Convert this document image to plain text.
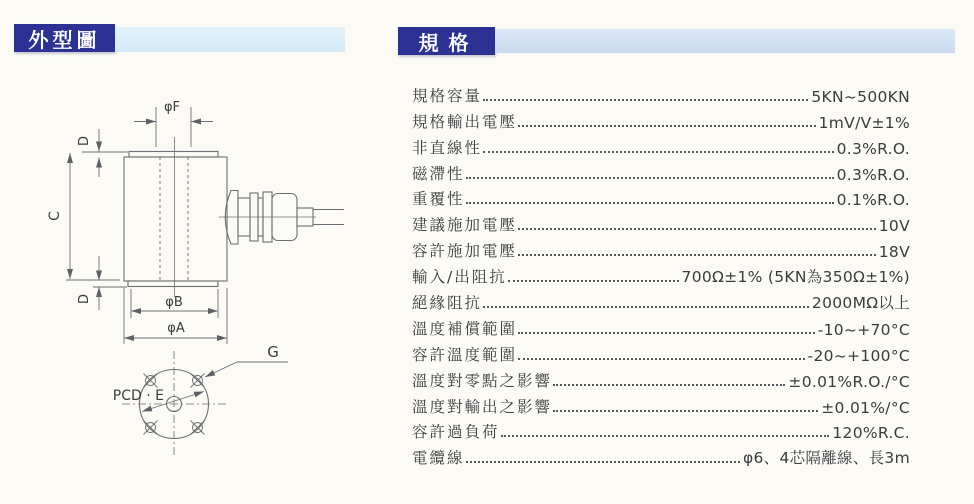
外型圖	規格
φF
D
C
D	φB
φA
G
PCD · E
規格容量	5KN~500KN
規格輸出電壓	1mV/V±1%
非直線性	0.3%R.O.
磁滯性	0.3%R.O.
重覆性	0.1%R.O.
建議施加電壓	10V
容許施加電壓	18V
輸入/出阻抗	700Ω±1% (5KN為350Ω±1%)
絕緣阻抗	2000MΩ以上
溫度補償範圍	-10~+70°C
容許溫度範圍	-20~+100°C
溫度對零點之影響	±0.01%R.O./°C
溫度對輸出之影響	±0.01%/°C
容許過負荷	120%R.C.
電纜線	φ6、4芯隔離線、長3m
